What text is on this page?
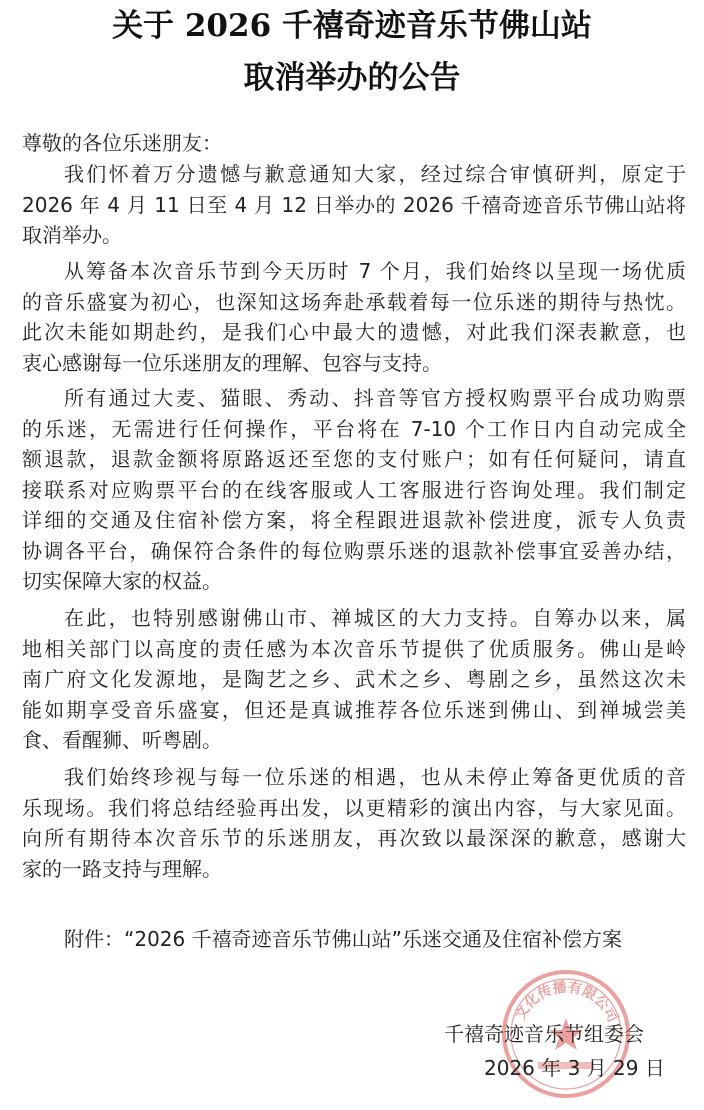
关于 2026 千禧奇迹音乐节佛山站
取消举办的公告
尊敬的各位乐迷朋友：
我们怀着万分遗憾与歉意通知大家，经过综合审慎研判，原定于
2026 年 4 月 11 日至 4 月 12 日举办的 2026 千禧奇迹音乐节佛山站将
取消举办。
从筹备本次音乐节到今天历时 7 个月，我们始终以呈现一场优质
的音乐盛宴为初心，也深知这场奔赴承载着每一位乐迷的期待与热忱。
此次未能如期赴约，是我们心中最大的遗憾，对此我们深表歉意，也
衷心感谢每一位乐迷朋友的理解、包容与支持。
所有通过大麦、猫眼、秀动、抖音等官方授权购票平台成功购票
的乐迷，无需进行任何操作，平台将在 7-10 个工作日内自动完成全
额退款，退款金额将原路返还至您的支付账户；如有任何疑问，请直
接联系对应购票平台的在线客服或人工客服进行咨询处理。我们制定
详细的交通及住宿补偿方案，将全程跟进退款补偿进度，派专人负责
协调各平台，确保符合条件的每位购票乐迷的退款补偿事宜妥善办结，
切实保障大家的权益。
在此，也特别感谢佛山市、禅城区的大力支持。自筹办以来，属
地相关部门以高度的责任感为本次音乐节提供了优质服务。佛山是岭
南广府文化发源地，是陶艺之乡、武术之乡、粤剧之乡，虽然这次未
能如期享受音乐盛宴，但还是真诚推荐各位乐迷到佛山、到禅城尝美
食、看醒狮、听粤剧。
我们始终珍视与每一位乐迷的相遇，也从未停止筹备更优质的音
乐现场。我们将总结经验再出发，以更精彩的演出内容，与大家见面。
向所有期待本次音乐节的乐迷朋友，再次致以最深深的歉意，感谢大
家的一路支持与理解。
附件：“2026 千禧奇迹音乐节佛山站”乐迷交通及住宿补偿方案
文化传播有限公司
千禧奇迹音乐节组委会
2026 年 3 月 29 日
